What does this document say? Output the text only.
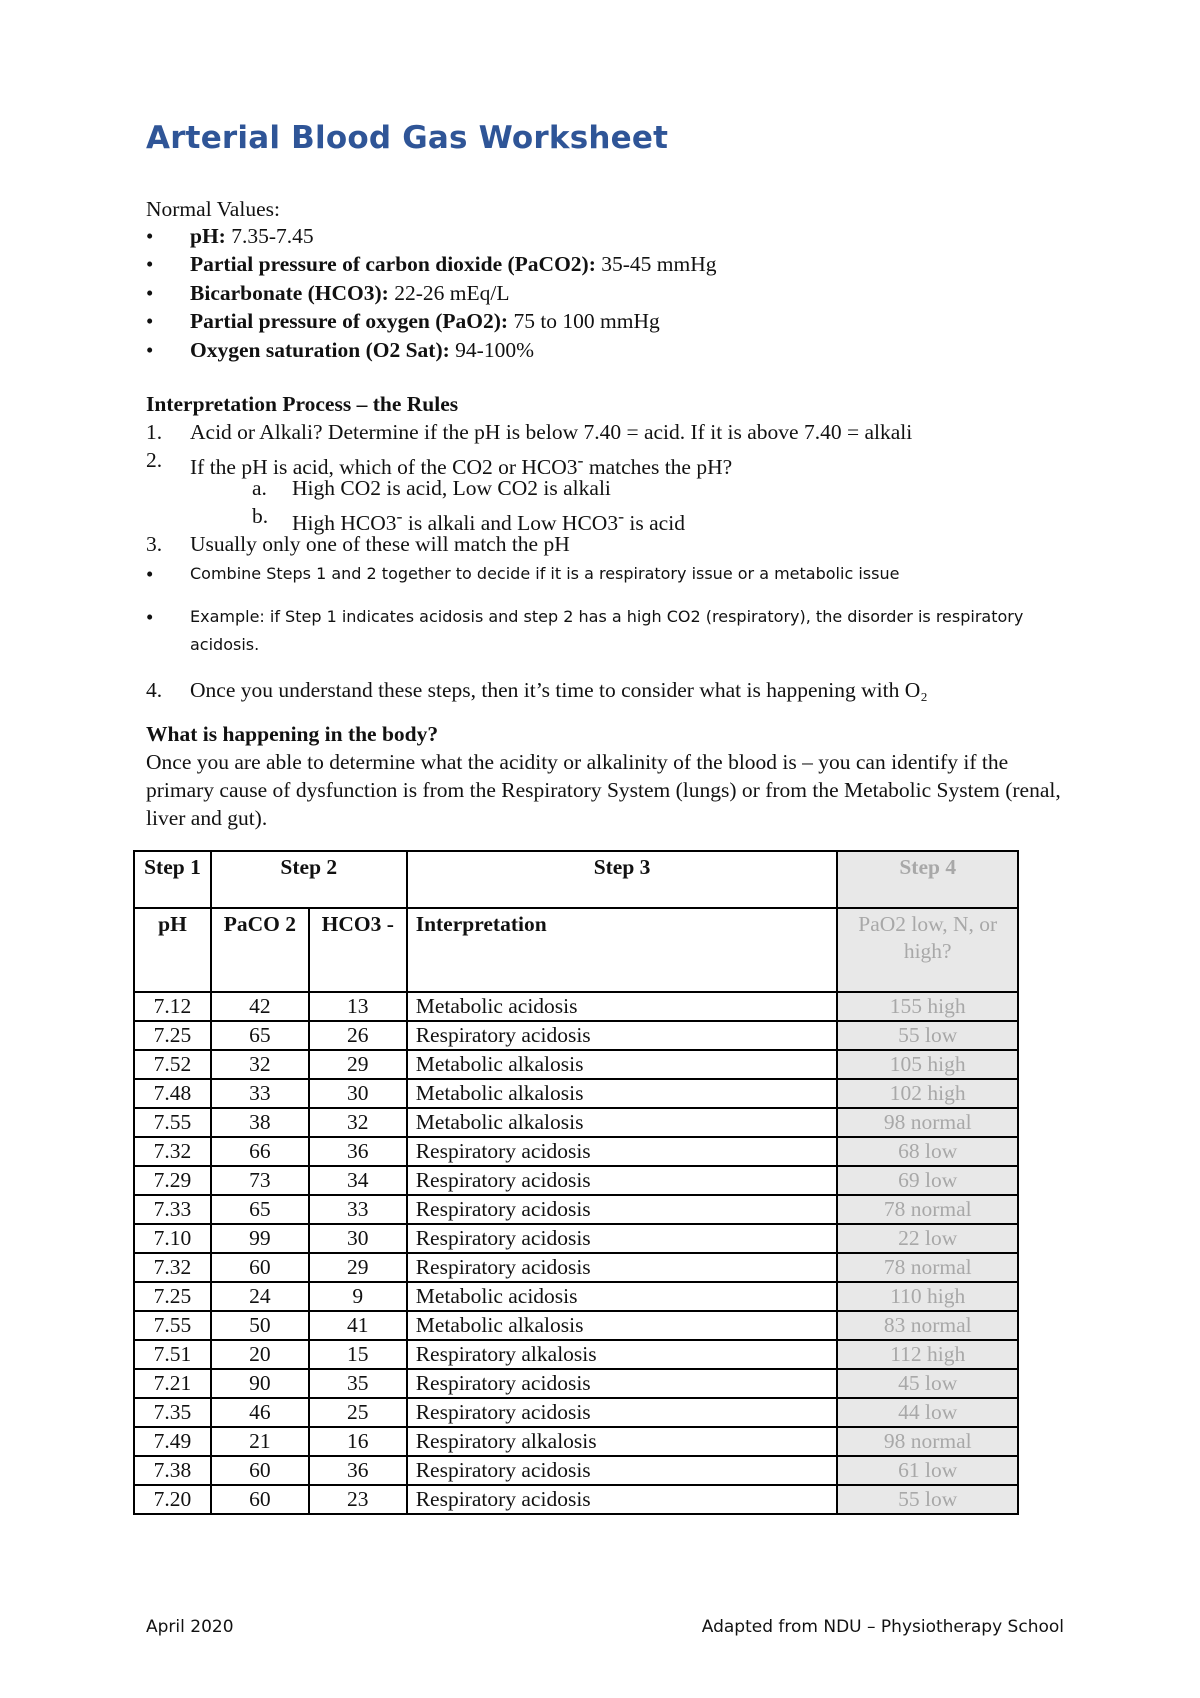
Arterial Blood Gas Worksheet
Normal Values:
• pH: 7.35-7.45
• Partial pressure of carbon dioxide (PaCO2): 35-45 mmHg
• Bicarbonate (HCO3): 22-26 mEq/L
• Partial pressure of oxygen (PaO2): 75 to 100 mmHg
• Oxygen saturation (O2 Sat): 94-100%
Interpretation Process – the Rules
1. Acid or Alkali? Determine if the pH is below 7.40 = acid. If it is above 7.40 = alkali
2. If the pH is acid, which of the CO2 or HCO3- matches the pH?
a. High CO2 is acid, Low CO2 is alkali
b. High HCO3- is alkali and Low HCO3- is acid
3. Usually only one of these will match the pH
• Combine Steps 1 and 2 together to decide if it is a respiratory issue or a metabolic issue
• Example: if Step 1 indicates acidosis and step 2 has a high CO2 (respiratory), the disorder is respiratory acidosis.
4. Once you understand these steps, then it’s time to consider what is happening with O₂
What is happening in the body?
Once you are able to determine what the acidity or alkalinity of the blood is – you can identify if the primary cause of dysfunction is from the Respiratory System (lungs) or from the Metabolic System (renal, liver and gut).
Step 1	Step 2		Step 3	Step 4
pH	PaCO 2	HCO3 -	Interpretation	PaO2 low, N, or high?
7.12	42	13	Metabolic acidosis	155 high
7.25	65	26	Respiratory acidosis	55 low
7.52	32	29	Metabolic alkalosis	105 high
7.48	33	30	Metabolic alkalosis	102 high
7.55	38	32	Metabolic alkalosis	98 normal
7.32	66	36	Respiratory acidosis	68 low
7.29	73	34	Respiratory acidosis	69 low
7.33	65	33	Respiratory acidosis	78 normal
7.10	99	30	Respiratory acidosis	22 low
7.32	60	29	Respiratory acidosis	78 normal
7.25	24	9	Metabolic acidosis	110 high
7.55	50	41	Metabolic alkalosis	83 normal
7.51	20	15	Respiratory alkalosis	112 high
7.21	90	35	Respiratory acidosis	45 low
7.35	46	25	Respiratory acidosis	44 low
7.49	21	16	Respiratory alkalosis	98 normal
7.38	60	36	Respiratory acidosis	61 low
7.20	60	23	Respiratory acidosis	55 low
April 2020	Adapted from NDU – Physiotherapy School
